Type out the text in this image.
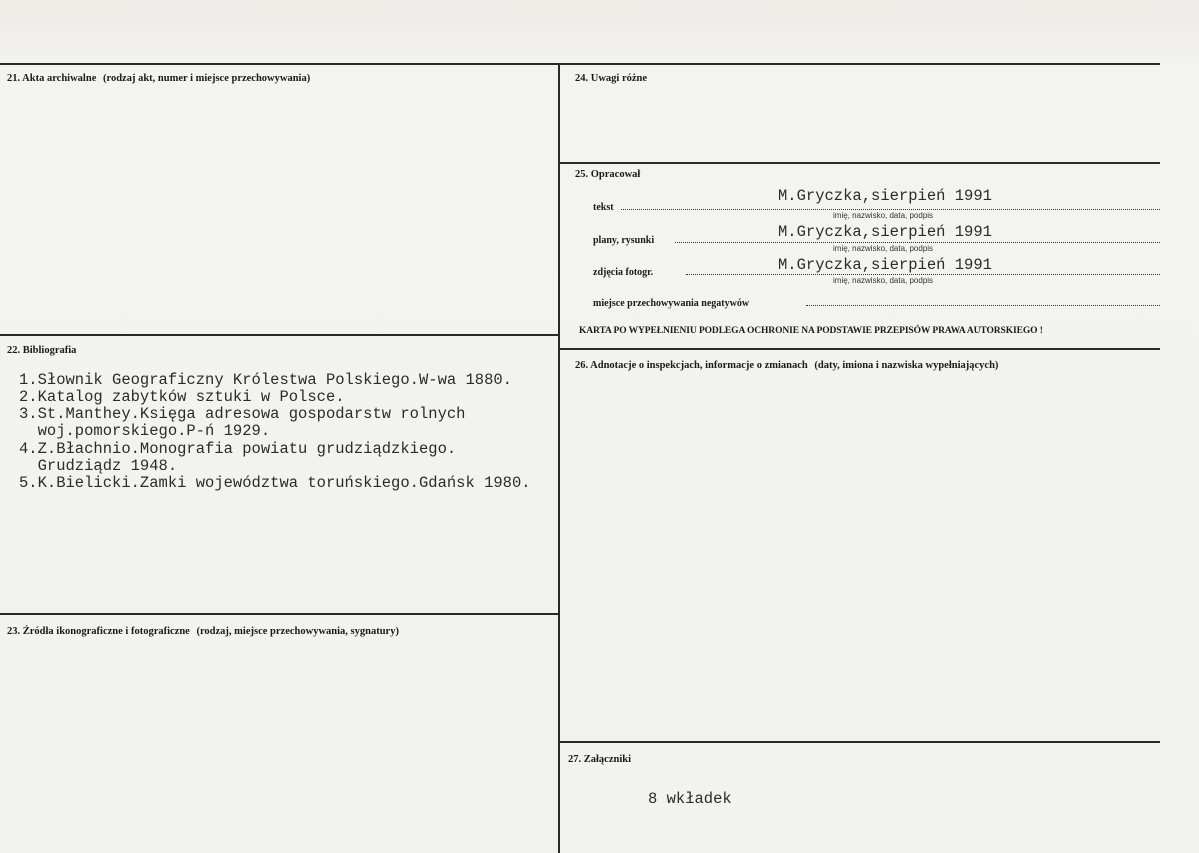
21. Akta archiwalne (rodzaj akt, numer i miejsce przechowywania)
22. Bibliografia
1.Słownik Geograficzny Królestwa Polskiego.W-wa 1880.
2.Katalog zabytków sztuki w Polsce.
3.St.Manthey.Księga adresowa gospodarstw rolnych
woj.pomorskiego.P-ń 1929.
4.Z.Błachnio.Monografia powiatu grudziądzkiego.
Grudziądz 1948.
5.K.Bielicki.Zamki województwa toruńskiego.Gdańsk 1980.
23. Źródła ikonograficzne i fotograficzne (rodzaj, miejsce przechowywania, sygnatury)
24. Uwagi różne
25. Opracował
tekst
M.Gryczka,sierpień 1991
imię, nazwisko, data, podpis
plany, rysunki	M.Gryczka,sierpień 1991
imię, nazwisko, data, podpis
zdjęcia fotogr.	M.Gryczka,sierpień 1991
imię, nazwisko, data, podpis
miejsce przechowywania negatywów
KARTA PO WYPEŁNIENIU PODLEGA OCHRONIE NA PODSTAWIE PRZEPISÓW PRAWA AUTORSKIEGO !
26. Adnotacje o inspekcjach, informacje o zmianach (daty, imiona i nazwiska wypełniających)
27. Załączniki
8 wkładek
